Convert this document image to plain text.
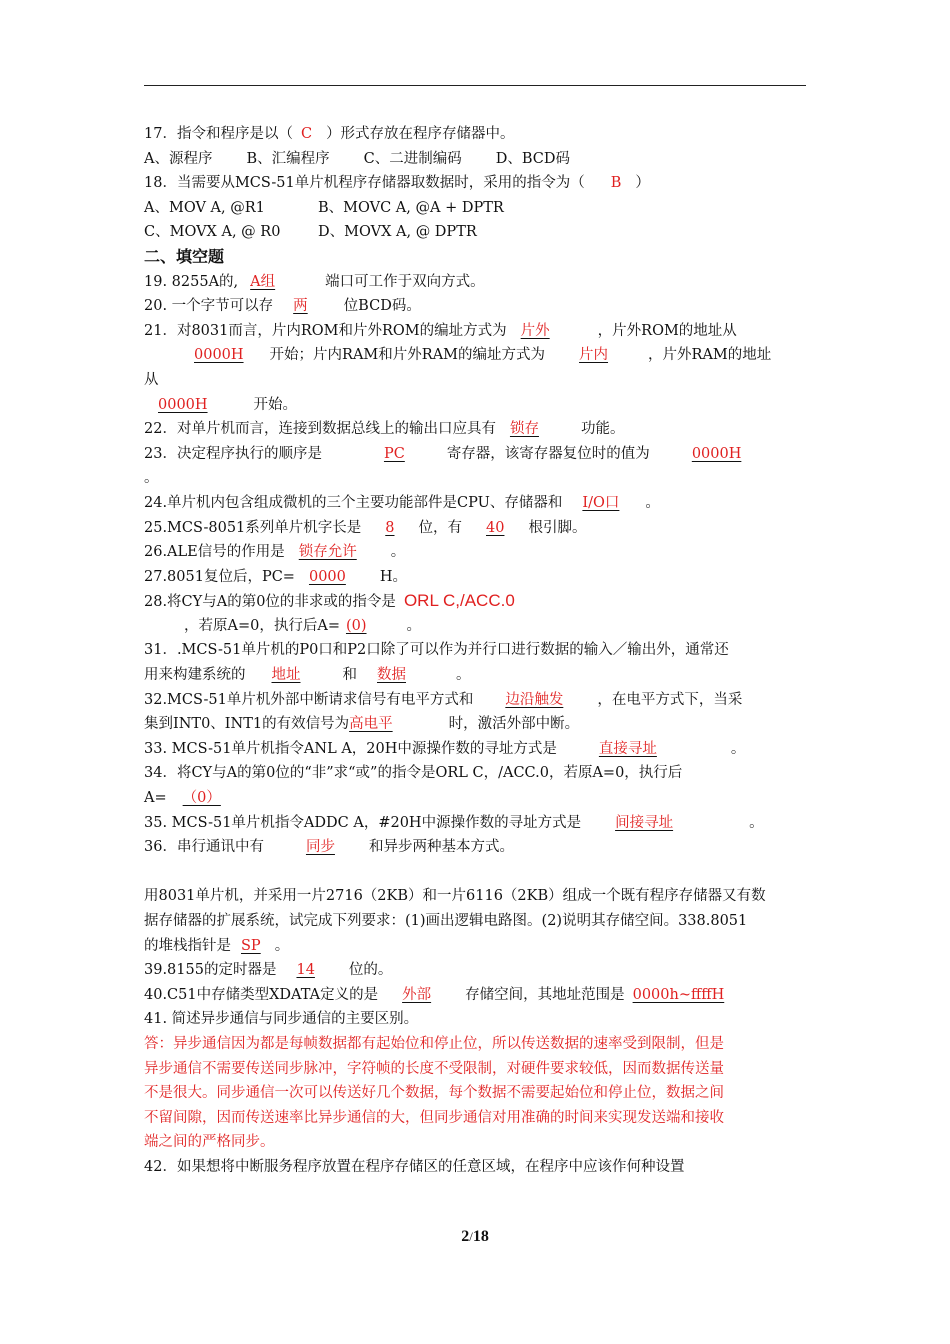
17．指令和程序是以（ C ）形式存放在程序存储器中。
A、源程序 B、汇编程序 C、二进制编码 D、BCD码
18．当需要从MCS-51单片机程序存储器取数据时，采用的指令为（ B ）
A、MOV A, @R1	B、MOVC A, @A + DPTR
C、MOVX A, @ R0	D、MOVX A, @ DPTR
二、填空题
19. 8255A的, A组	端口可工作于双向方式。
20. 一个字节可以存 两 位BCD码。
21．对8031而言，片内ROM和片外ROM的编址方式为 片外	，片外ROM的地址从
0000H 开始；片内RAM和片外RAM的编址方式为 片内	，片外RAM的地址
从
0000H	开始。
22．对单片机而言，连接到数据总线上的输出口应具有 锁存	功能。
23．决定程序执行的顺序是	PC	寄存器，该寄存器复位时的值为	0000H
。
24.单片机内包含组成微机的三个主要功能部件是CPU、存储器和 I/O口 。
25.MCS-8051系列单片机字长是 8 位，有 40 根引脚。
26.ALE信号的作用是 锁存允许 。
27.8051复位后，PC= 0000 H。
28.将CY与A的第0位的非求或的指令是 ORL C,/ACC.0
，若原A=0，执行后A= (0)	。
31．.MCS-51单片机的P0口和P2口除了可以作为并行口进行数据的输入／输出外，通常还
用来构建系统的 地址	和 数据	。
32.MCS-51单片机外部中断请求信号有电平方式和 边沿触发 ，在电平方式下，当采
集到INT0、INT1的有效信号为高电平	时，激活外部中断。
33. MCS-51单片机指令ANL A，20H中源操作数的寻址方式是	直接寻址	。
34．将CY与A的第0位的“非”求“或”的指令是ORL C，/ACC.0，若原A=0，执行后
A= （0）
35. MCS-51单片机指令ADDC A，#20H中源操作数的寻址方式是 间接寻址	。
36．串行通讯中有	同步 和异步两种基本方式。
用8031单片机，并采用一片2716（2KB）和一片6116（2KB）组成一个既有程序存储器又有数
据存储器的扩展系统，试完成下列要求：(1)画出逻辑电路图。(2)说明其存储空间。338.8051
的堆栈指针是 SP 。
39.8155的定时器是 14 位的。
40.C51中存储类型XDATA定义的是 外部 存储空间，其地址范围是 0000h~ffffH
41. 简述异步通信与同步通信的主要区别。
答：异步通信因为都是每帧数据都有起始位和停止位，所以传送数据的速率受到限制，但是
异步通信不需要传送同步脉冲，字符帧的长度不受限制，对硬件要求较低，因而数据传送量
不是很大。同步通信一次可以传送好几个数据，每个数据不需要起始位和停止位，数据之间
不留间隙，因而传送速率比异步通信的大，但同步通信对用准确的时间来实现发送端和接收
端之间的严格同步。
42．如果想将中断服务程序放置在程序存储区的任意区域，在程序中应该作何种设置
2/18
